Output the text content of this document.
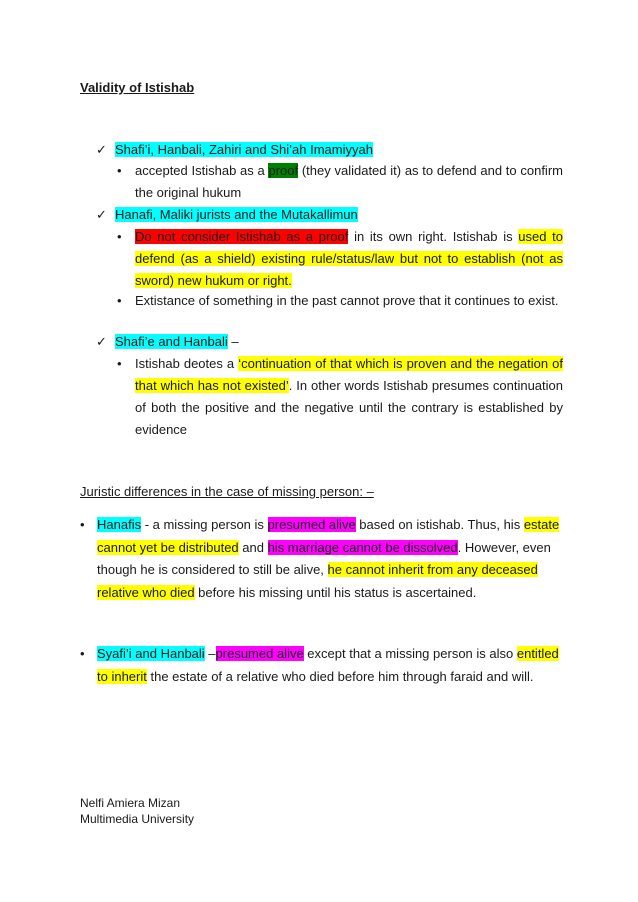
Validity of Istishab
✓ Shafi’i, Hanbali, Zahiri and Shi’ah Imamiyyah
• accepted Istishab as a proof (they validated it) as to defend and to confirm the original hukum
✓ Hanafi, Maliki jurists and the Mutakallimun
• Do not consider Istishab as a proof in its own right. Istishab is used to defend (as a shield) existing rule/status/law but not to establish (not as sword) new hukum or right.
• Extistance of something in the past cannot prove that it continues to exist.
✓ Shafi’e and Hanbali –
• Istishab deotes a ‘continuation of that which is proven and the negation of that which has not existed’. In other words Istishab presumes continuation of both the positive and the negative until the contrary is established by evidence
Juristic differences in the case of missing person: –
• Hanafis - a missing person is presumed alive based on istishab. Thus, his estate cannot yet be distributed and his marriage cannot be dissolved. However, even though he is considered to still be alive, he cannot inherit from any deceased relative who died before his missing until his status is ascertained.
• Syafi’i and Hanbali –presumed alive except that a missing person is also entitled to inherit the estate of a relative who died before him through faraid and will.
Nelfi Amiera Mizan
Multimedia University
